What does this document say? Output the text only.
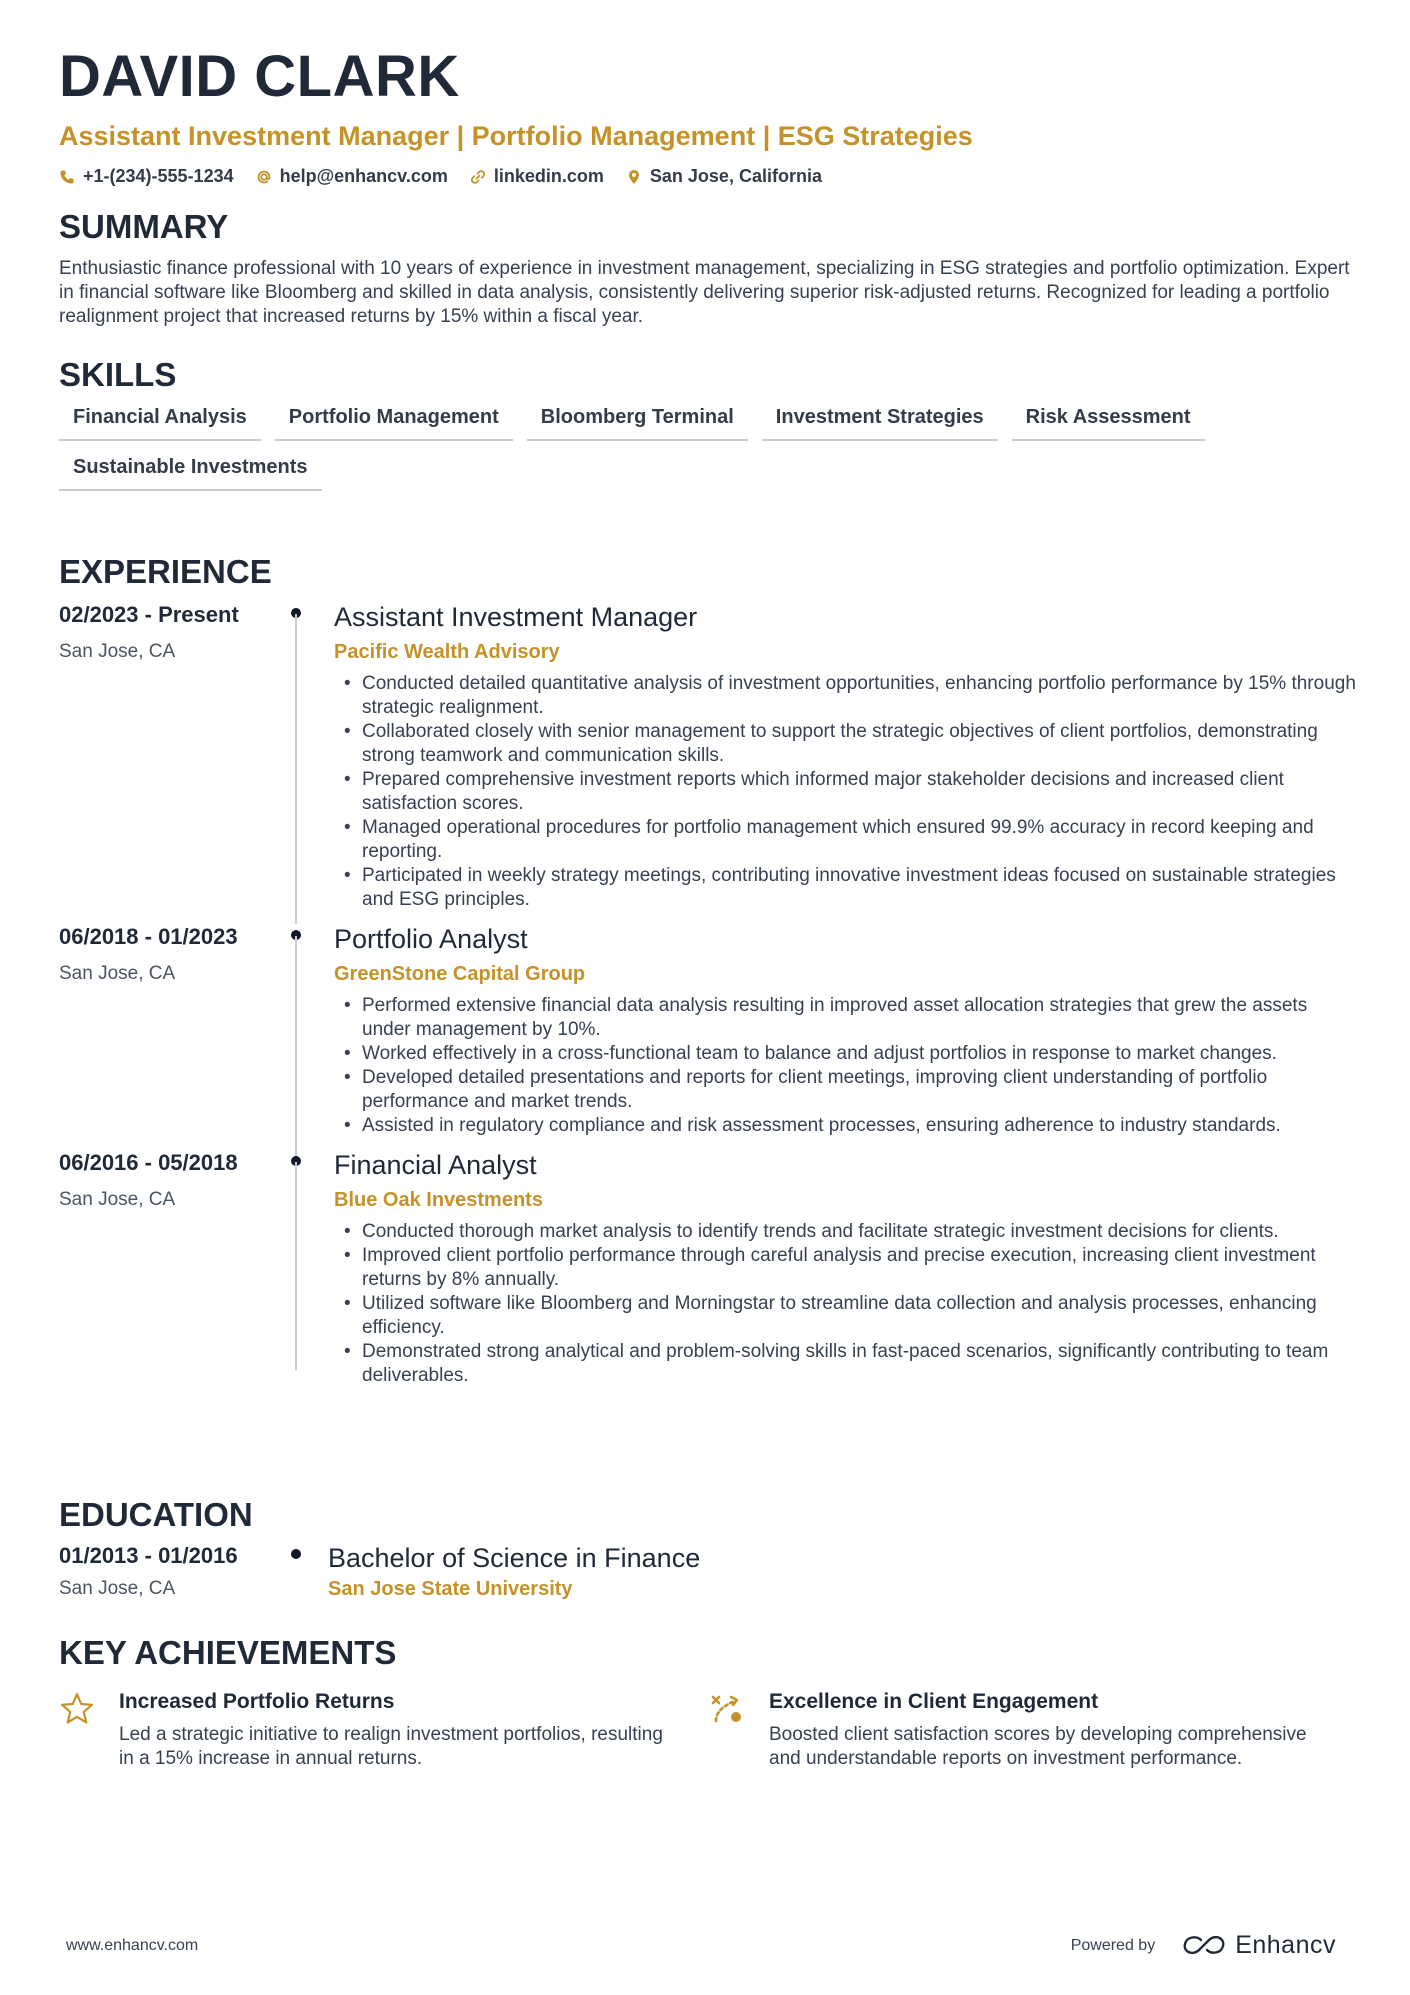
DAVID CLARK
Assistant Investment Manager | Portfolio Management | ESG Strategies
+1-(234)-555-1234	help@enhancv.com	linkedin.com	San Jose, California
SUMMARY

Enthusiastic finance professional with 10 years of experience in investment management, specializing in ESG strategies and portfolio optimization. Expert in financial software like Bloomberg and skilled in data analysis, consistently delivering superior risk-adjusted returns. Recognized for leading a portfolio realignment project that increased returns by 15% within a fiscal year.

SKILLS
Financial Analysis	Portfolio Management	Bloomberg Terminal	Investment Strategies	Risk Assessment
Sustainable Investments
EXPERIENCE
02/2023 - Present
San Jose, CA
Assistant Investment Manager
Pacific Wealth Advisory
• Conducted detailed quantitative analysis of investment opportunities, enhancing portfolio performance by 15% through strategic realignment.
• Collaborated closely with senior management to support the strategic objectives of client portfolios, demonstrating strong teamwork and communication skills.
• Prepared comprehensive investment reports which informed major stakeholder decisions and increased client satisfaction scores.
• Managed operational procedures for portfolio management which ensured 99.9% accuracy in record keeping and reporting.
• Participated in weekly strategy meetings, contributing innovative investment ideas focused on sustainable strategies and ESG principles.
06/2018 - 01/2023
San Jose, CA
Portfolio Analyst
GreenStone Capital Group
• Performed extensive financial data analysis resulting in improved asset allocation strategies that grew the assets under management by 10%.
• Worked effectively in a cross-functional team to balance and adjust portfolios in response to market changes.
• Developed detailed presentations and reports for client meetings, improving client understanding of portfolio performance and market trends.
• Assisted in regulatory compliance and risk assessment processes, ensuring adherence to industry standards.
06/2016 - 05/2018
San Jose, CA
Financial Analyst
Blue Oak Investments
• Conducted thorough market analysis to identify trends and facilitate strategic investment decisions for clients.
• Improved client portfolio performance through careful analysis and precise execution, increasing client investment returns by 8% annually.
• Utilized software like Bloomberg and Morningstar to streamline data collection and analysis processes, enhancing efficiency.
• Demonstrated strong analytical and problem-solving skills in fast-paced scenarios, significantly contributing to team deliverables.
EDUCATION
01/2013 - 01/2016
San Jose, CA
Bachelor of Science in Finance
San Jose State University
KEY ACHIEVEMENTS
Increased Portfolio Returns
Led a strategic initiative to realign investment portfolios, resulting in a 15% increase in annual returns.
Excellence in Client Engagement
Boosted client satisfaction scores by developing comprehensive and understandable reports on investment performance.
www.enhancv.com	Powered by	Enhancv
